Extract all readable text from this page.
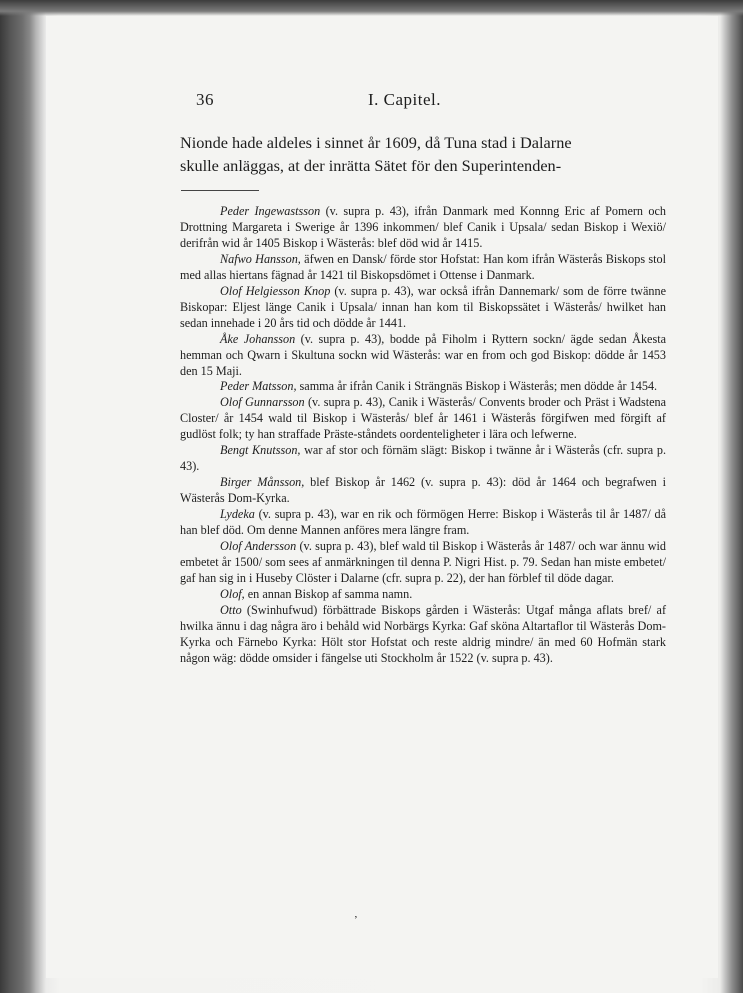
36	I. Capitel.

Nionde hade aldeles i sinnet år 1609, då Tuna stad i Dalarne

skulle anläggas, at der inrätta Sätet för den Superintenden-

Peder Ingewastsson (v. supra p. 43), ifrån Danmark med Konnng Eric af Pomern och Drottning Margareta i Swerige år 1396 inkommen/ blef Canik i Upsala/ sedan Biskop i Wexiö/ derifrån wid år 1405 Biskop i Wästerås: blef död wid år 1415.

Nafwo Hansson, äfwen en Dansk/ förde stor Hofstat: Han kom ifrån Wästerås Biskops stol med allas hiertans fägnad år 1421 til Biskopsdömet i Ottense i Danmark.

Olof Helgiesson Knop (v. supra p. 43), war också ifrån Dannemark/ som de förre twänne Biskopar: Eljest länge Canik i Upsala/ innan han kom til Biskopssätet i Wästerås/ hwilket han sedan innehade i 20 års tid och dödde år 1441.

Åke Johansson (v. supra p. 43), bodde på Fiholm i Ryttern sockn/ ägde sedan Åkesta hemman och Qwarn i Skultuna sockn wid Wästerås: war en from och god Biskop: dödde år 1453 den 15 Maji.

Peder Matsson, samma år ifrån Canik i Strängnäs Biskop i Wästerås; men dödde år 1454.

Olof Gunnarsson (v. supra p. 43), Canik i Wästerås/ Convents broder och Präst i Wadstena Closter/ år 1454 wald til Biskop i Wästerås/ blef år 1461 i Wästerås förgifwen med förgift af gudlöst folk; ty han straffade Präste-ståndets oordenteligheter i lära och lefwerne.

Bengt Knutsson, war af stor och förnäm slägt: Biskop i twänne år i Wästerås (cfr. supra p. 43).

Birger Månsson, blef Biskop år 1462 (v. supra p. 43): död år 1464 och begrafwen i Wästerås Dom-Kyrka.

Lydeka (v. supra p. 43), war en rik och förmögen Herre: Biskop i Wästerås til år 1487/ då han blef död. Om denne Mannen anföres mera längre fram.

Olof Andersson (v. supra p. 43), blef wald til Biskop i Wästerås år 1487/ och war ännu wid embetet år 1500/ som sees af anmärkningen til denna P. Nigri Hist. p. 79. Sedan han miste embetet/ gaf han sig in i Huseby Clöster i Dalarne (cfr. supra p. 22), der han förblef til döde dagar.

Olof, en annan Biskop af samma namn.

Otto (Swinhufwud) förbättrade Biskops gården i Wästerås: Utgaf många aflats bref/ af hwilka ännu i dag några äro i behåld wid Norbärgs Kyrka: Gaf sköna Altartaflor til Wästerås Dom-Kyrka och Färnebo Kyrka: Hölt stor Hofstat och reste aldrig mindre/ än med 60 Hofmän stark någon wäg: dödde omsider i fängelse uti Stockholm år 1522 (v. supra p. 43).

‚
